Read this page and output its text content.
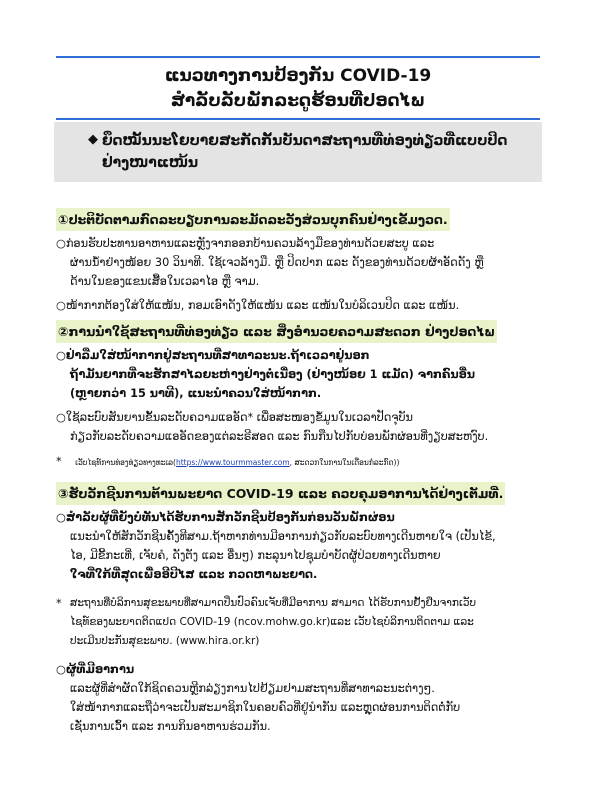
ແນວທາງການປ້ອງກັນ COVID-19
ສຳລັບລັບພັກລະດູຮ້ອນທີ່ປອດໄພ
◆ ຍຶດໝັ້ນນະໂຍບາຍສະກັດກັ້ນບັນດາສະຖານທີ່ທ່ອງທ່ຽວທີ່ແບບປິດຢ່າງໜາແໜ້ນ
①ປະຕິບັດຕາມກົດລະບຽບການລະມັດລະວັງສ່ວນບຸກຄົນຢ່າງເຂັ້ມງວດ.
○ກ່ອນຮັບປະທານອາຫານແລະຫຼັງຈາກອອກບ້ານຄວນລ້າງມືຂອງທ່ານດ້ວຍສະບູ ແລະ
ຜ່ານນໍ້າຢ່າງໜ້ອຍ 30 ວິນາທີ. ໃຊ້ເຈວລ້າງມື. ຫຼື ປິດປາກ ແລະ ດັງຂອງທ່ານດ້ວຍຜ້າອັດດັງ ຫຼື
ດ້ານໃນຂອງແຂນເສື້ອໃນເວລາໄອ ຫຼື ຈາມ.
○ໜ້າກາກຕ້ອງໃສ່ໃຫ້ແໜ້ນ, ກອມເອົາດັງໃຫ້ແໜ້ນ ແລະ ແໜ້ນໃນບໍລິເວນປິດ ແລະ ແໜ້ນ.
②ການນຳໃຊ້ສະຖານທີ່ທ່ອງທ່ຽວ ແລະ ສິ່ງອຳນວຍຄວາມສະດວກ ຢ່າງປອດໄພ
○ຢ່າລືມໃສ່ໜ້າກາກຢູ່ສະຖານທີ່ສາທາລະນະ.ຖ້າເວລາຢູ່ນອກ
ຖ້າມັນຍາກທີ່ຈະຮັກສາໄລຍະຫ່າງຢ່າງຕໍ່ເນື່ອງ (ຢ່າງໜ້ອຍ 1 ແມັດ) ຈາກຄົນອື່ນ
(ຫຼາຍກວ່າ 15 ນາທີ), ແນະນຳຄວນໃສ່ໜ້າກາກ.
○ໃຊ້ລະບົບສັນຍານຂັ້ນລະດັບຄວາມແອອັດ* ເພື່ອສະໜອງຂໍ້ມູນໃນເວລາປັດຈຸບັນ
ກ່ຽວກັບລະດັບຄວາມແອອັດຂອງແຕ່ລະຣີສອດ ແລະ ກົນກືນໄປກັບບ່ອນພັກຜ່ອນທີ່ງຽບສະຫງົບ.
* ເວັບໄຊທ໌ການທ່ອງທ່ຽວທາງທະເລ(https://www.tourmmaster.com, ສະດວກໃນການໃນເດືອນກໍລະກົດ))
③ຮັບວັກຊີນການຕ້ານພະຍາດ COVID-19 ແລະ ຄວບຄຸມອາການໄດ້ຢ່າງເຕັມທີ່.
○ສຳລັບຜູ້ທີ່ຍັງບໍ່ທັນໄດ້ຮັບການສັກວັກຊີນປ້ອງກັນກ່ອນວັນພັກຜ່ອນ
ແນະນຳໃຫ້ສັກວັກຊີນຄັ້ງທີສາມ.ຖ້າຫາກທ່ານມີອາການກ່ຽວກັບລະບົບທາງເດີນຫາຍໃຈ (ເປັນໄຂ້,
ໄອ, ມີຂີ້ກະເທີ່, ເຈັບຄໍ, ດັງຕັງ ແລະ ອື່ນໆ) ກະລຸນາໄປຊຸມບຳບັດຜູ້ປ່ວຍທາງເດີນຫາຍ
ໃຈທີ່ໃກ້ທີ່ສຸດເພື່ອອີບີໄສ ແລະ ກວດຫາພະຍາດ.
* ສະຖານທີ່ບໍລິການສຸຂະພາບທີ່ສາມາດປິ່ນປົວຄົນເຈັບທີ່ມີອາການ ສາມາດ ໄດ້ຮັບການຢັ້ງຢືນຈາກເວັບ
ໄຊທ໌ຂອງພະຍາດຕິດແປດ COVID-19 (ncov.mohw.go.kr)ແລະ ເວັບໄຊບໍລິການຕິດຕາມ ແລະ
ປະເມີນປະກັນສຸຂະພາບ. (www.hira.or.kr)
○ຜູ້ທີ່ມີອາການ
ແລະຜູ້ທີ່ສຳຜັດໃກ້ຊິດຄວນຫຼີກລ່ຽງການໄປຢ້ຽມຢາມສະຖານທີ່ສາທາລະນະຕ່າງໆ.
ໃສ່ໜ້າກາກແລະຖືວ່າຈະເປັນສະມາຊິກໃນຄອບຄົວທີ່ຢູ່ນຳກັນ ແລະຫຼຸດຜ່ອນການຕິດຕໍ່ກັບ
ເຊັ່ນການເວົ້າ ແລະ ການກິນອາຫານຮ່ວມກັນ.
